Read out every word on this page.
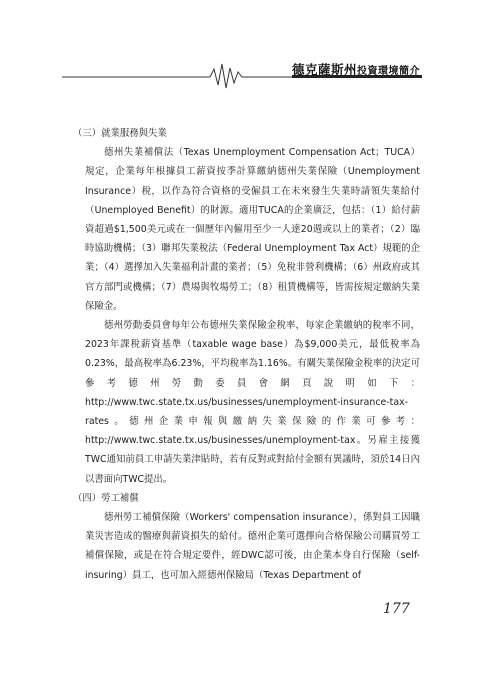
德克薩斯州投資環境簡介
（三）就業服務與失業
德州失業補償法（Texas Unemployment Compensation Act；TUCA）規定，企業每年根據員工薪資按季計算繳納德州失業保險（Unemployment Insurance）稅，以作為符合資格的受僱員工在未來發生失業時請領失業給付（Unemployed Benefit）的財源。適用TUCA的企業廣泛，包括：（1）給付薪資超過$1,500美元或在一個歷年內僱用至少一人達20週或以上的業者；（2）臨時協助機構；（3）聯邦失業稅法（Federal Unemployment Tax Act）規範的企業；（4）選擇加入失業福利計畫的業者；（5）免稅非營利機構；（6）州政府或其官方部門或機構；（7）農場與牧場勞工；（8）租賃機構等，皆需按規定繳納失業保險金。
德州勞動委員會每年公布德州失業保險金稅率，每家企業繳納的稅率不同，2023年課稅薪資基準（taxable wage base）為$9,000美元，最低稅率為0.23%，最高稅率為6.23%，平均稅率為1.16%。有關失業保險金稅率的決定可參考德州勞動委員會網頁說明如下：http://www.twc.state.tx.us/businesses/unemployment-insurance-tax-rates。德州企業申報與繳納失業保險的作業可參考：http://www.twc.state.tx.us/businesses/unemployment-tax。另雇主接獲TWC通知前員工申請失業津貼時，若有反對或對給付金額有異議時，須於14日內以書面向TWC提出。
（四）勞工補償
德州勞工補償保險（Workers' compensation insurance），係對員工因職業災害造成的醫療與薪資損失的給付。德州企業可選擇向合格保險公司購買勞工補償保險，或是在符合規定要件，經DWC認可後，由企業本身自行保險（self-insuring）員工，也可加入經德州保險局（Texas Department of
177
